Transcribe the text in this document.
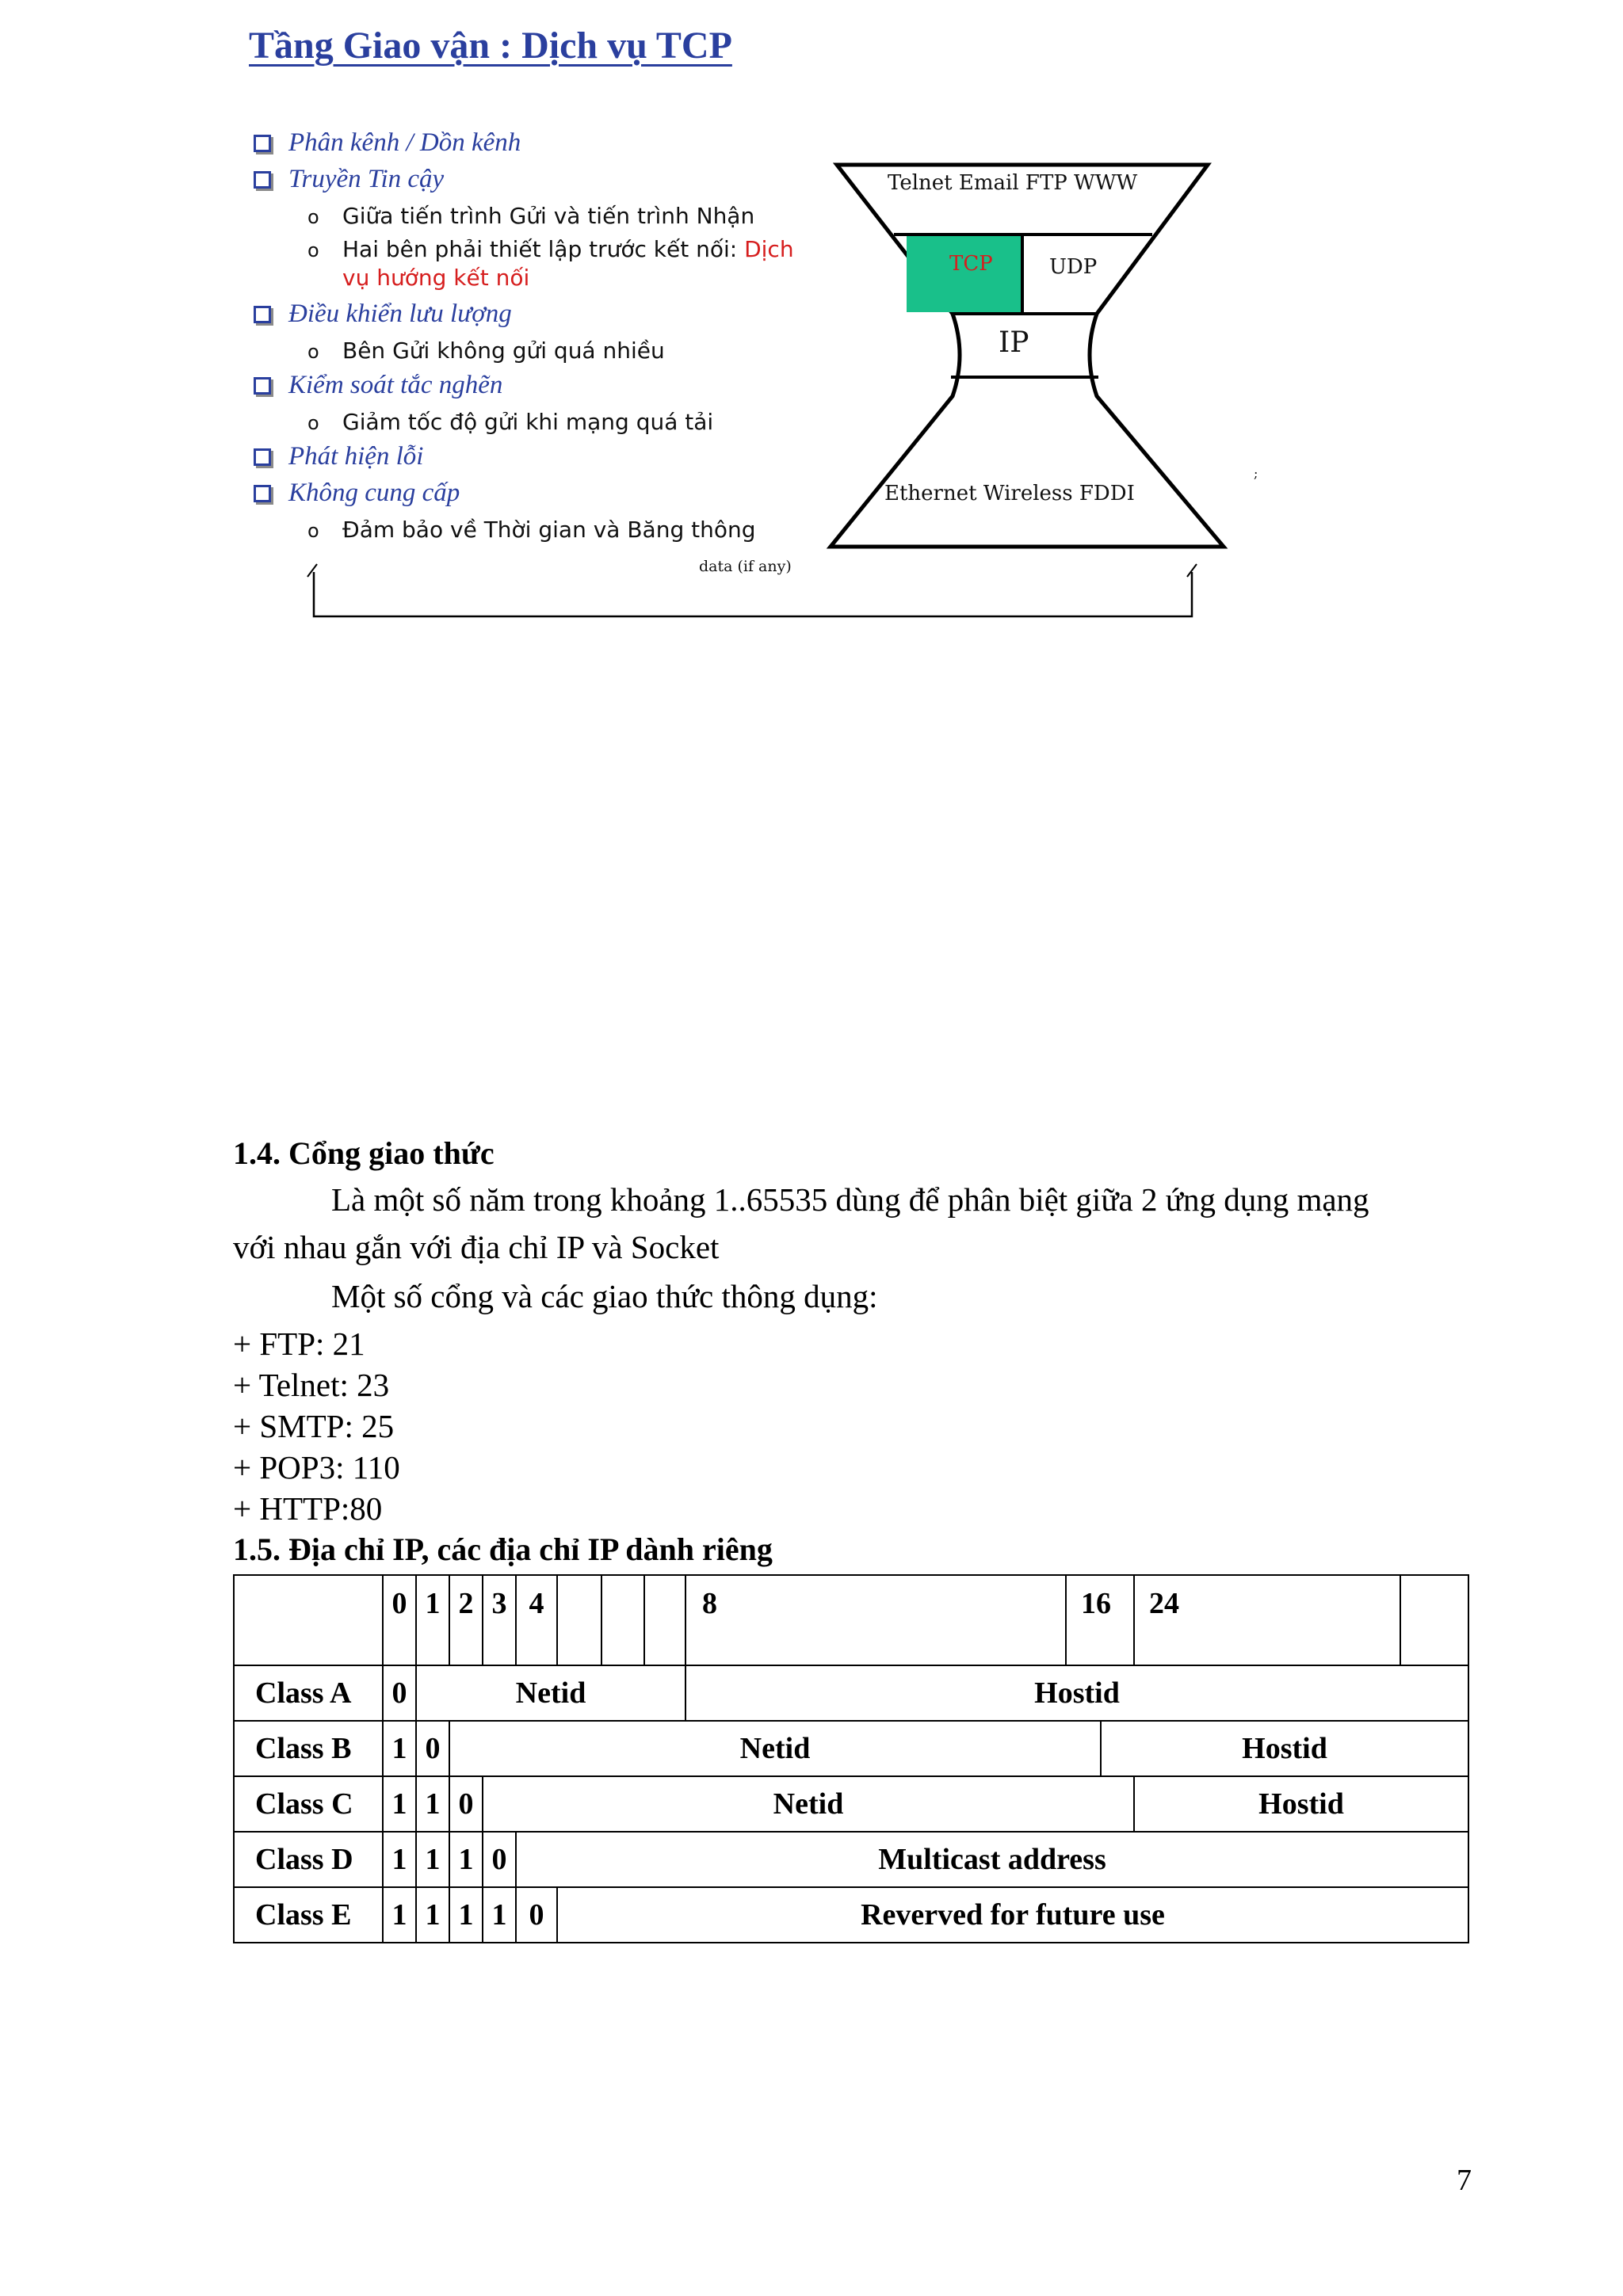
Tầng Giao vận : Dịch vụ TCP
Phân kênh / Dồn kênh
Truyền Tin cậy
o Giữa tiến trình Gửi và tiến trình Nhận
o Hai bên phải thiết lập trước kết nối: Dịch
vụ hướng kết nối
Điều khiển lưu lượng
o Bên Gửi không gửi quá nhiều
Kiểm soát tắc nghẽn
o Giảm tốc độ gửi khi mạng quá tải
Phát hiện lỗi
Không cung cấp
o Đảm bảo về Thời gian và Băng thông
Telnet Email FTP WWW
TCP	UDP
IP
Ethernet Wireless FDDI
data (if any)
;
1.4. Cổng giao thức
Là một số năm trong khoảng 1..65535 dùng để phân biệt giữa 2 ứng dụng mạng
với nhau gắn với địa chỉ IP và Socket
Một số cổng và các giao thức thông dụng:
+ FTP: 21
+ Telnet: 23
+ SMTP: 25
+ POP3: 110
+ HTTP:80
1.5. Địa chỉ IP, các địa chỉ IP dành riêng
	0	1	2	3	4				8	16		24	
Class A	0	Netid							Hostid				
Class B	1	0	Netid								Hostid		
Class C	1	1	0	Netid								Hostid	
Class D	1	1	1	0	Multicast address								
Class E	1	1	1	1	0	Reverved for future use							
7
